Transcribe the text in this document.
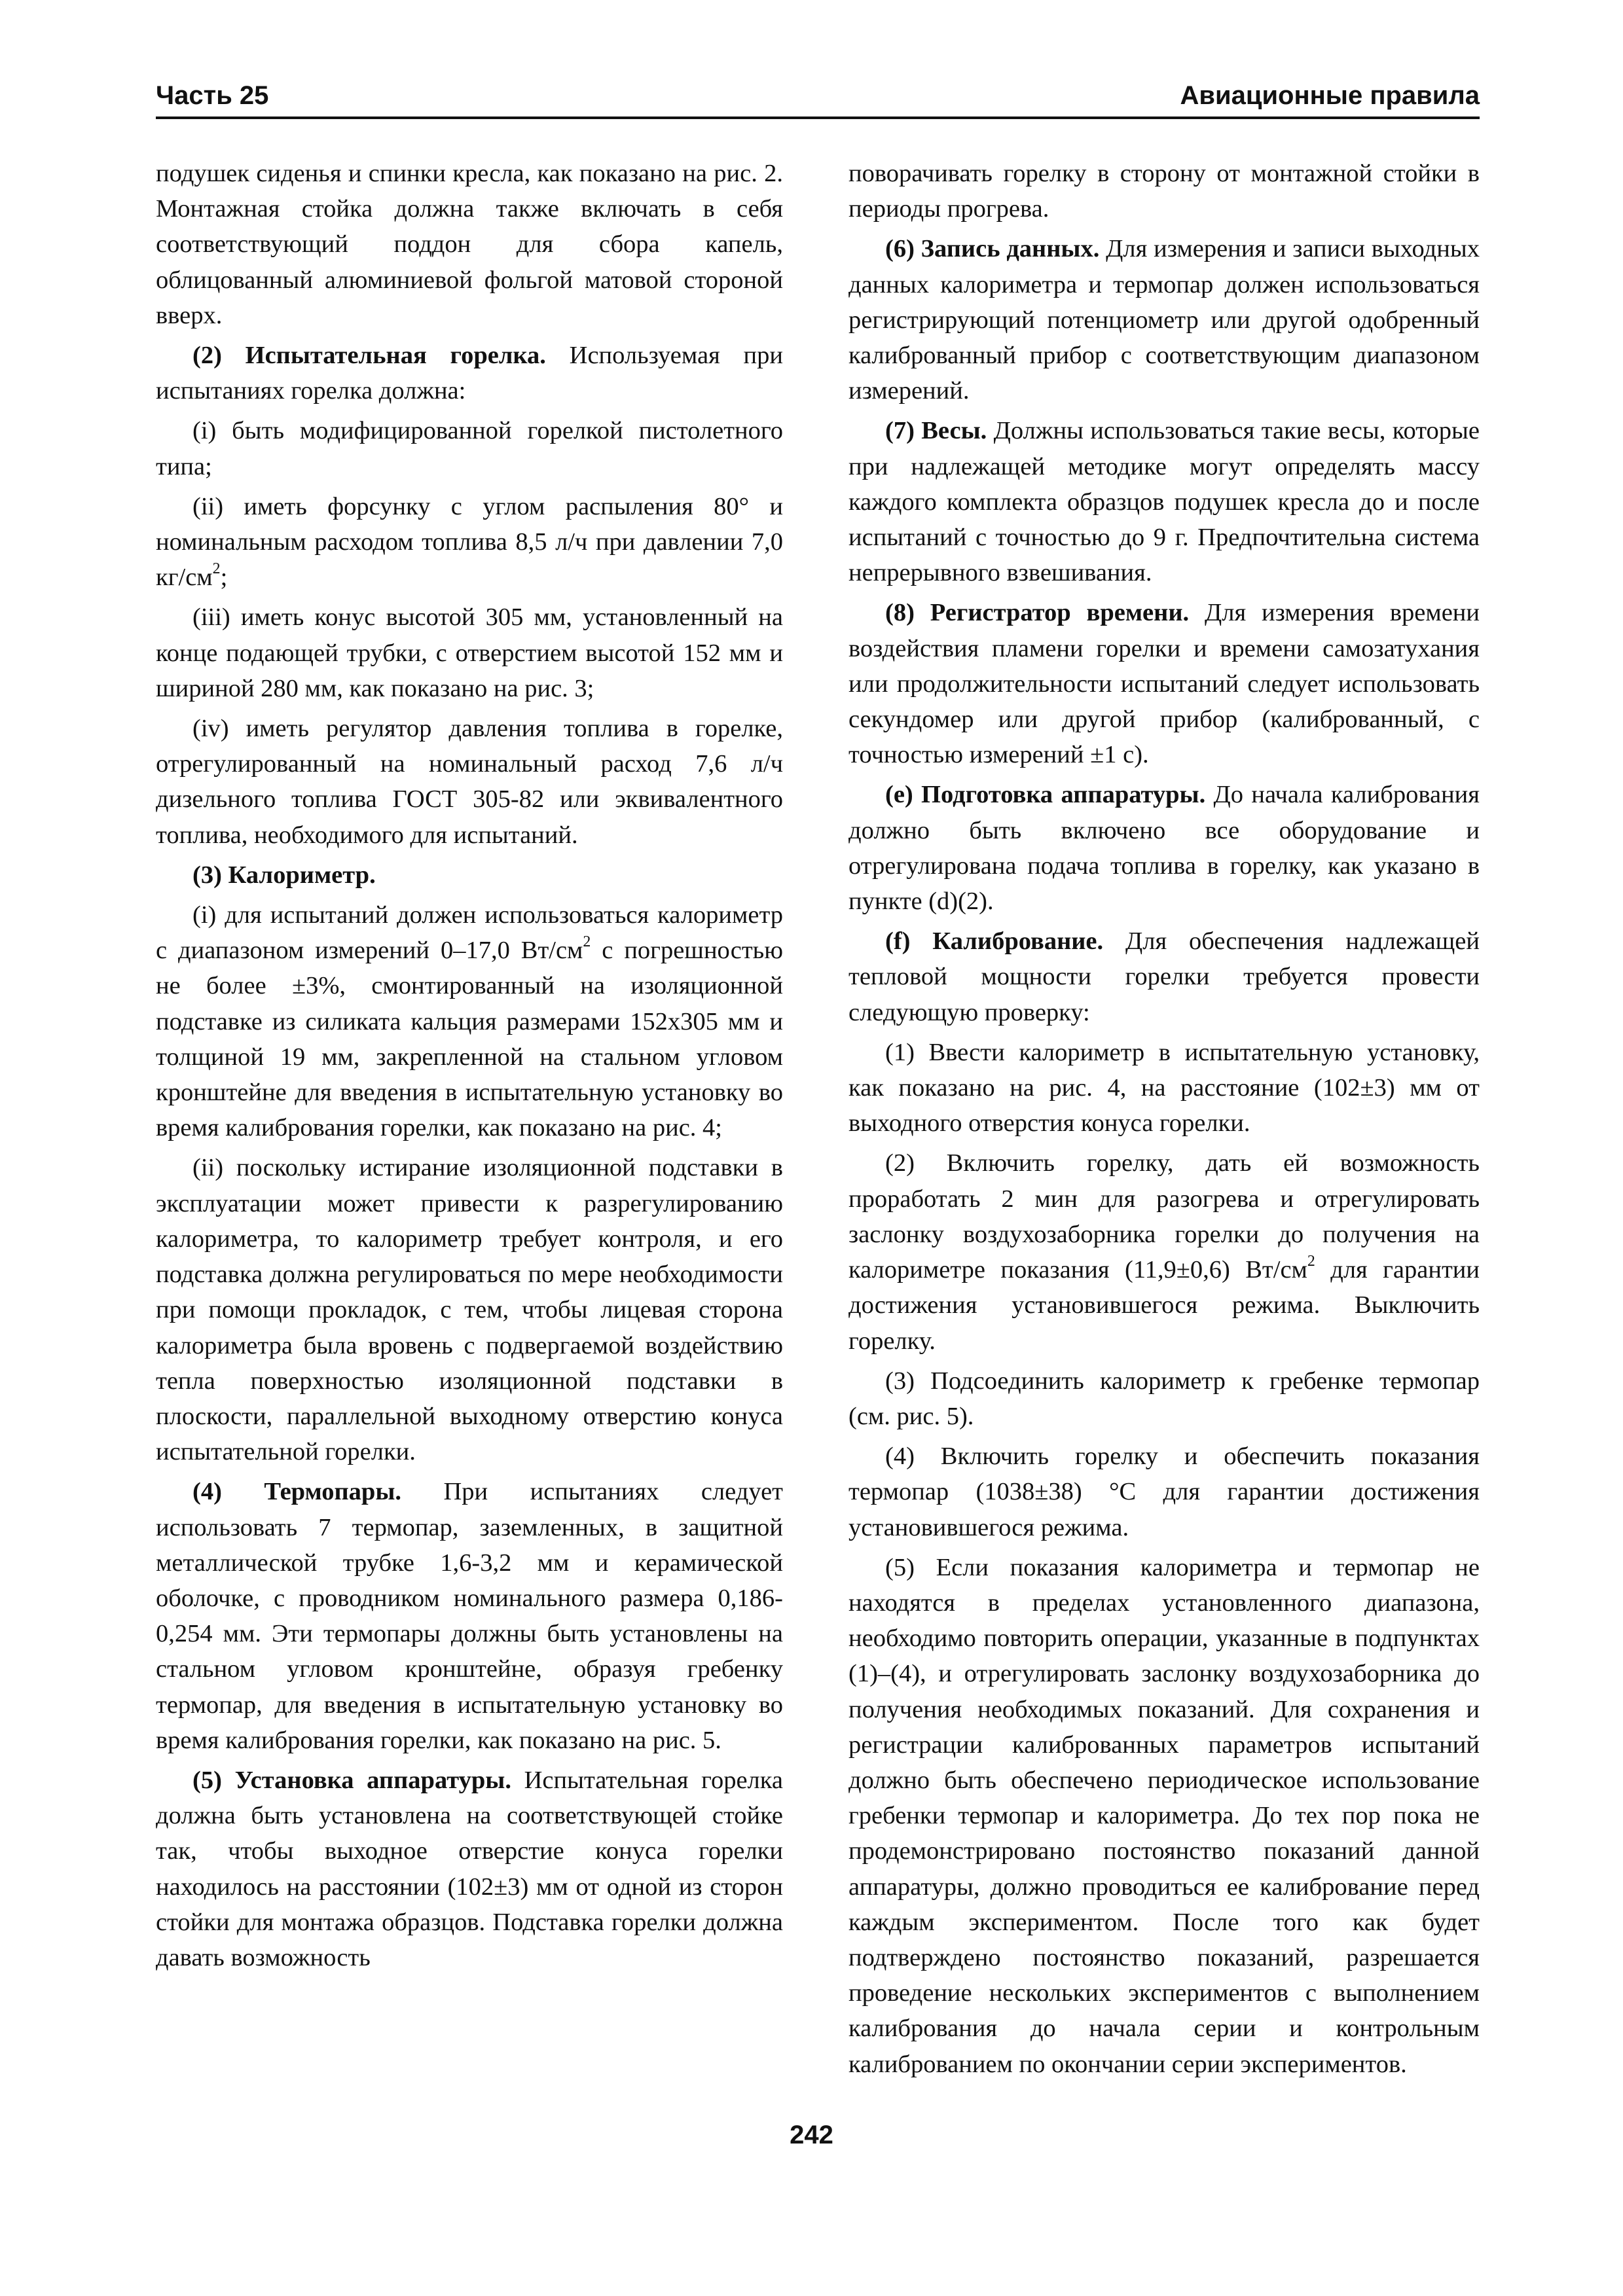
Часть 25	Авиационные правила

подушек сиденья и спинки кресла, как показано на рис. 2. Монтажная стойка должна также включать в себя соответствующий поддон для сбора капель, облицованный алюминиевой фольгой матовой стороной вверх.

(2) Испытательная горелка. Используемая при испытаниях горелка должна:

(i) быть модифицированной горелкой пистолетного типа;

(ii) иметь форсунку с углом распыления 80° и номинальным расходом топлива 8,5 л/ч при давлении 7,0 $кг/см^2$;

(iii) иметь конус высотой 305 мм, установленный на конце подающей трубки, с отверстием высотой 152 мм и шириной 280 мм, как показано на рис. 3;

(iv) иметь регулятор давления топлива в горелке, отрегулированный на номинальный расход 7,6 л/ч дизельного топлива ГОСТ 305-82 или эквивалентного топлива, необходимого для испытаний.

(3) Калориметр.

(i) для испытаний должен использоваться калориметр с диапазоном измерений 0–17,0 $Вт/см^2$ с погрешностью не более ±3%, смонтированный на изоляционной подставке из силиката кальция размерами 152х305 мм и толщиной 19 мм, закрепленной на стальном угловом кронштейне для введения в испытательную установку во время калибрования горелки, как показано на рис. 4;

(ii) поскольку истирание изоляционной подставки в эксплуатации может привести к разрегулированию калориметра, то калориметр требует контроля, и его подставка должна регулироваться по мере необходимости при помощи прокладок, с тем, чтобы лицевая сторона калориметра была вровень с подвергаемой воздействию тепла поверхностью изоляционной подставки в плоскости, параллельной выходному отверстию конуса испытательной горелки.

(4) Термопары. При испытаниях следует использовать 7 термопар, заземленных, в защитной металлической трубке 1,6-3,2 мм и керамической оболочке, с проводником номинального размера 0,186-0,254 мм. Эти термопары должны быть установлены на стальном угловом кронштейне, образуя гребенку термопар, для введения в испытательную установку во время калибрования горелки, как показано на рис. 5.

(5) Установка аппаратуры. Испытательная горелка должна быть установлена на соответствующей стойке так, чтобы выходное отверстие конуса горелки находилось на расстоянии (102±3) мм от одной из сторон стойки для монтажа образцов. Подставка горелки должна давать возможность

поворачивать горелку в сторону от монтажной стойки в периоды прогрева.

(6) Запись данных. Для измерения и записи выходных данных калориметра и термопар должен использоваться регистрирующий потенциометр или другой одобренный калиброванный прибор с соответствующим диапазоном измерений.

(7) Весы. Должны использоваться такие весы, которые при надлежащей методике могут определять массу каждого комплекта образцов подушек кресла до и после испытаний с точностью до 9 г. Предпочтительна система непрерывного взвешивания.

(8) Регистратор времени. Для измерения времени воздействия пламени горелки и времени самозатухания или продолжительности испытаний следует использовать секундомер или другой прибор (калиброванный, с точностью измерений ±1 с).

(e) Подготовка аппаратуры. До начала калибрования должно быть включено все оборудование и отрегулирована подача топлива в горелку, как указано в пункте (d)(2).

(f) Калибрование. Для обеспечения надлежащей тепловой мощности горелки требуется провести следующую проверку:

(1) Ввести калориметр в испытательную установку, как показано на рис. 4, на расстояние (102±3) мм от выходного отверстия конуса горелки.

(2) Включить горелку, дать ей возможность проработать 2 мин для разогрева и отрегулировать заслонку воздухозаборника горелки до получения на калориметре показания (11,9±0,6) $Вт/см^2$ для гарантии достижения установившегося режима. Выключить горелку.

(3) Подсоединить калориметр к гребенке термопар (см. рис. 5).

(4) Включить горелку и обеспечить показания термопар (1038±38) °С для гарантии достижения установившегося режима.

(5) Если показания калориметра и термопар не находятся в пределах установленного диапазона, необходимо повторить операции, указанные в подпунктах (1)–(4), и отрегулировать заслонку воздухозаборника до получения необходимых показаний. Для сохранения и регистрации калиброванных параметров испытаний должно быть обеспечено периодическое использование гребенки термопар и калориметра. До тех пор пока не продемонстрировано постоянство показаний данной аппаратуры, должно проводиться ее калибрование перед каждым экспериментом. После того как будет подтверждено постоянство показаний, разрешается проведение нескольких экспериментов с выполнением калибрования до начала серии и контрольным калиброванием по окончании серии экспериментов.

242
